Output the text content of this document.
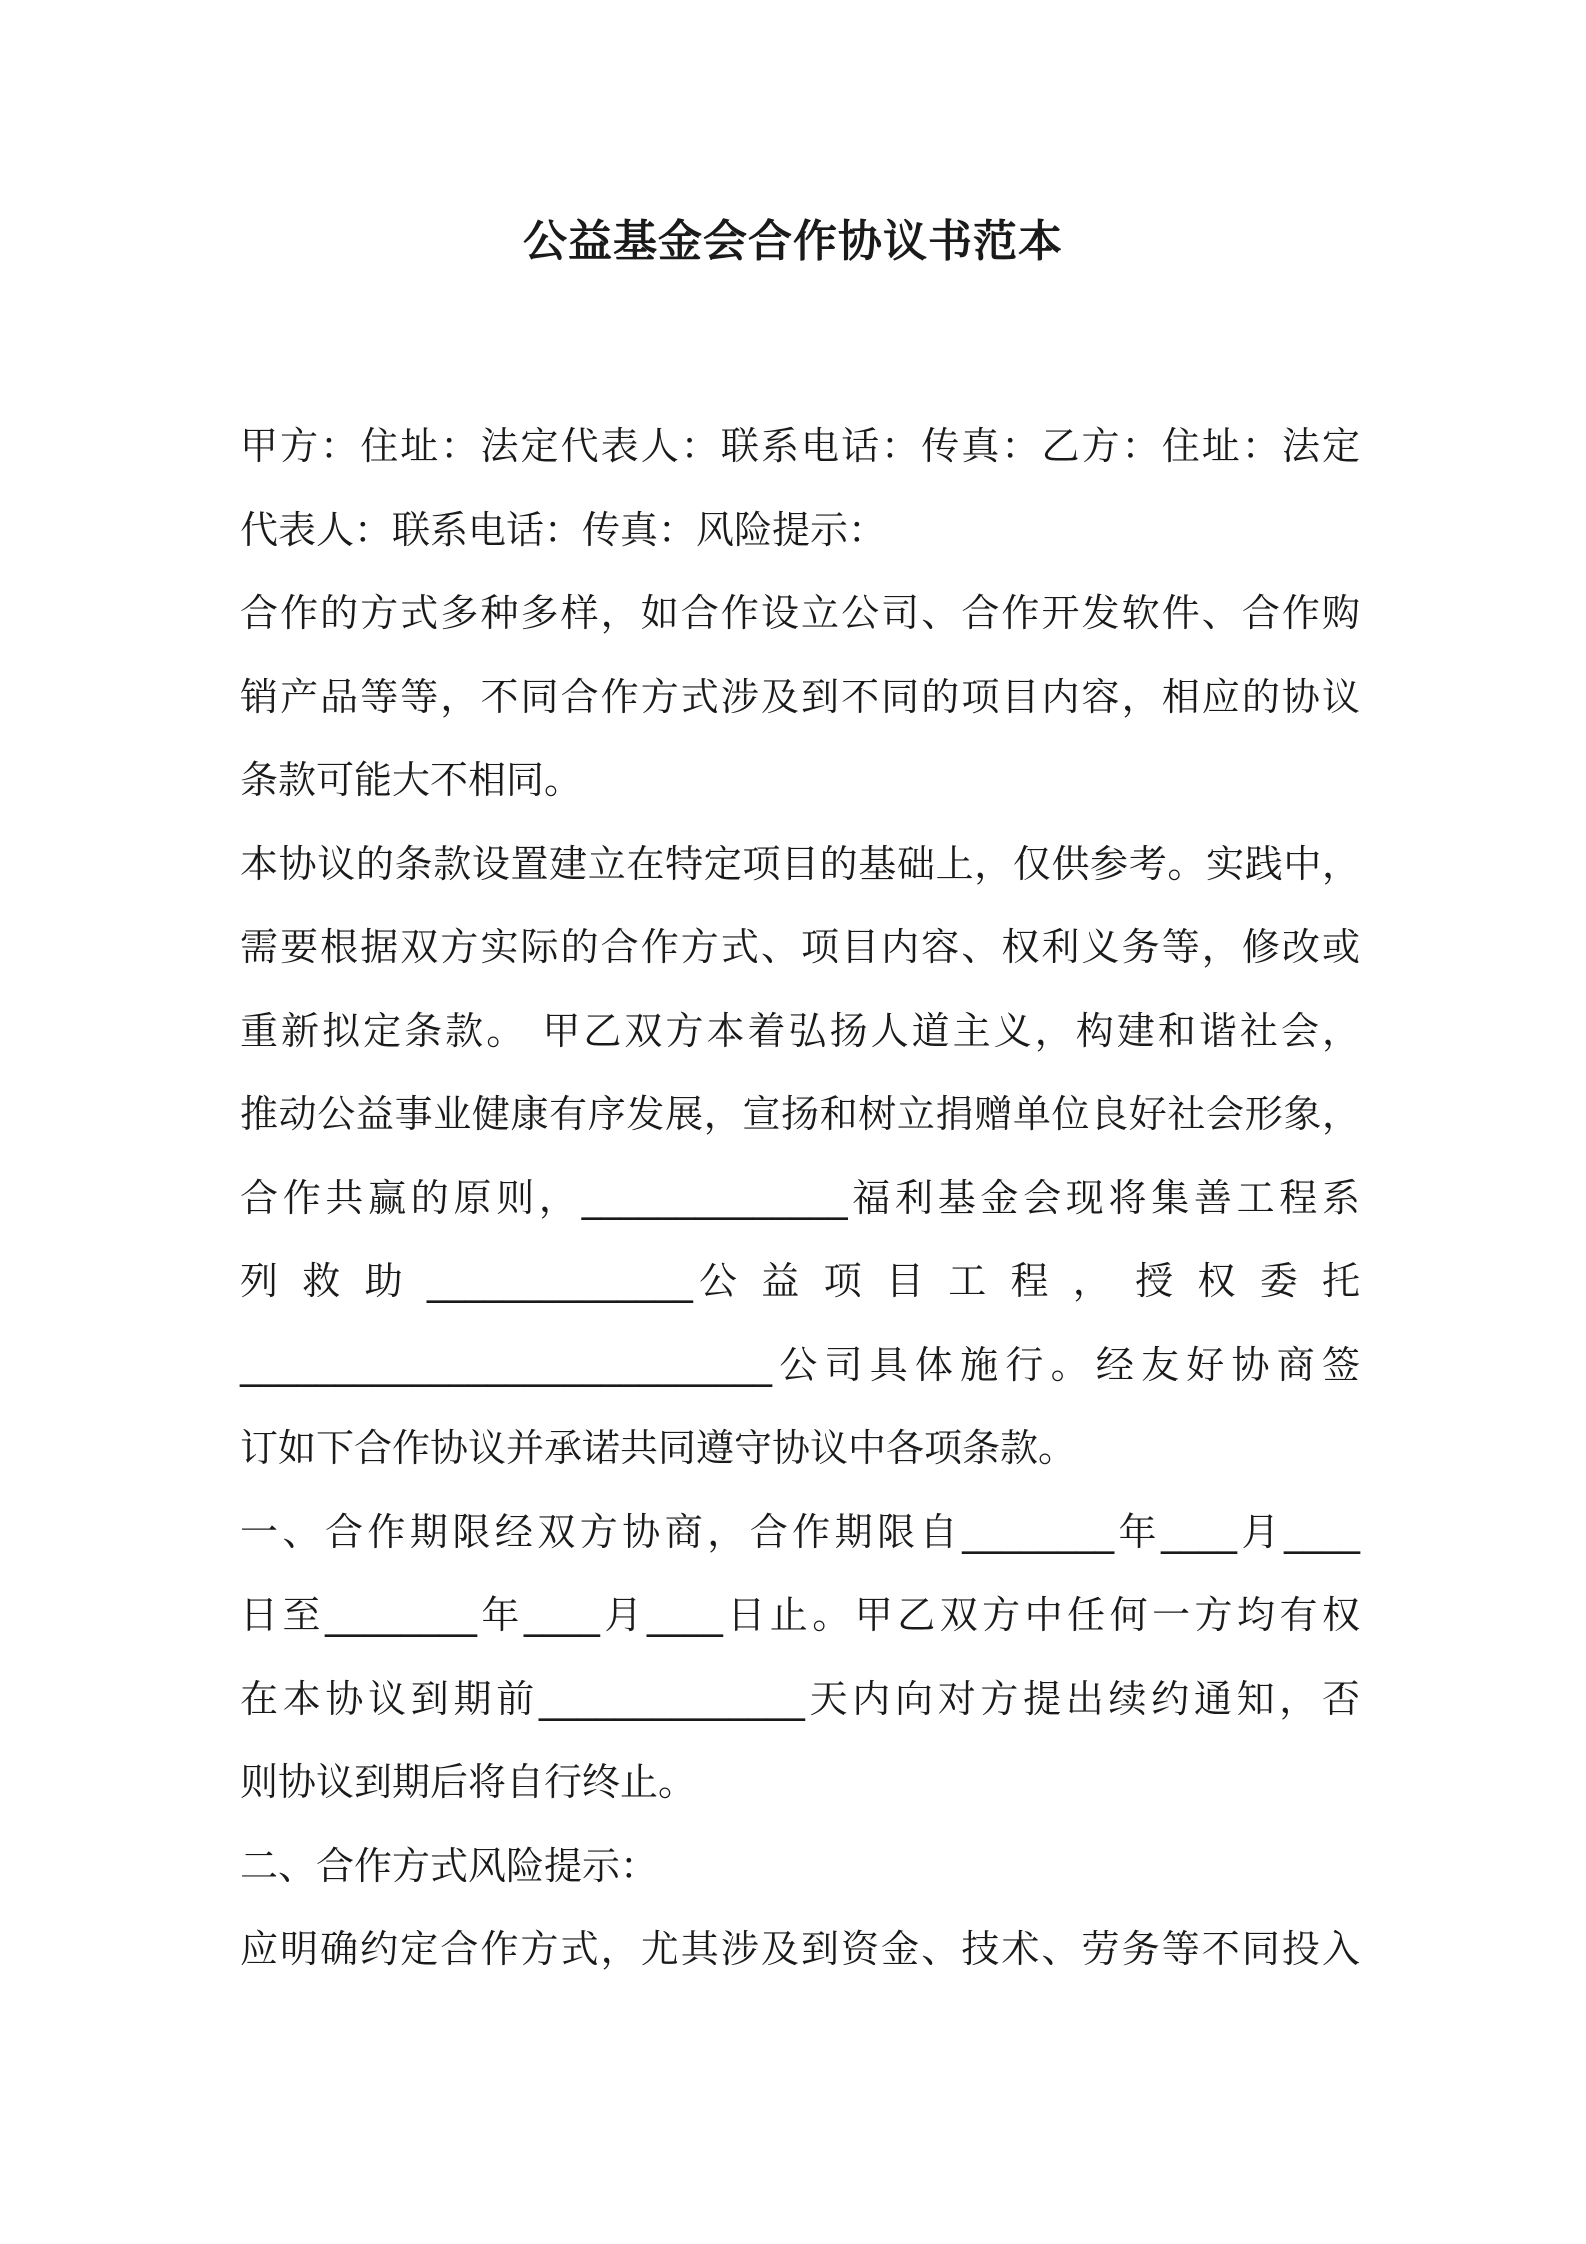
公益基金会合作协议书范本
甲方：住址：法定代表人：联系电话：传真：乙方：住址：法定
代表人：联系电话：传真：风险提示：
合作的方式多种多样，如合作设立公司、合作开发软件、合作购
销产品等等，不同合作方式涉及到不同的项目内容，相应的协议
条款可能大不相同。
本协议的条款设置建立在特定项目的基础上，仅供参考。实践中，
需要根据双方实际的合作方式、项目内容、权利义务等，修改或
重新拟定条款。 甲乙双方本着弘扬人道主义，构建和谐社会，
推动公益事业健康有序发展，宣扬和树立捐赠单位良好社会形象，
合作共赢的原则，______________福利基金会现将集善工程系
列 救 助 ______________公 益 项 目 工 程 ， 授 权 委 托
____________________________公司具体施行。经友好协商签
订如下合作协议并承诺共同遵守协议中各项条款。
一、合作期限经双方协商，合作期限自________年____月____
日至________年____月____日止。甲乙双方中任何一方均有权
在本协议到期前______________天内向对方提出续约通知，否
则协议到期后将自行终止。
二、合作方式风险提示：
应明确约定合作方式，尤其涉及到资金、技术、劳务等不同投入
